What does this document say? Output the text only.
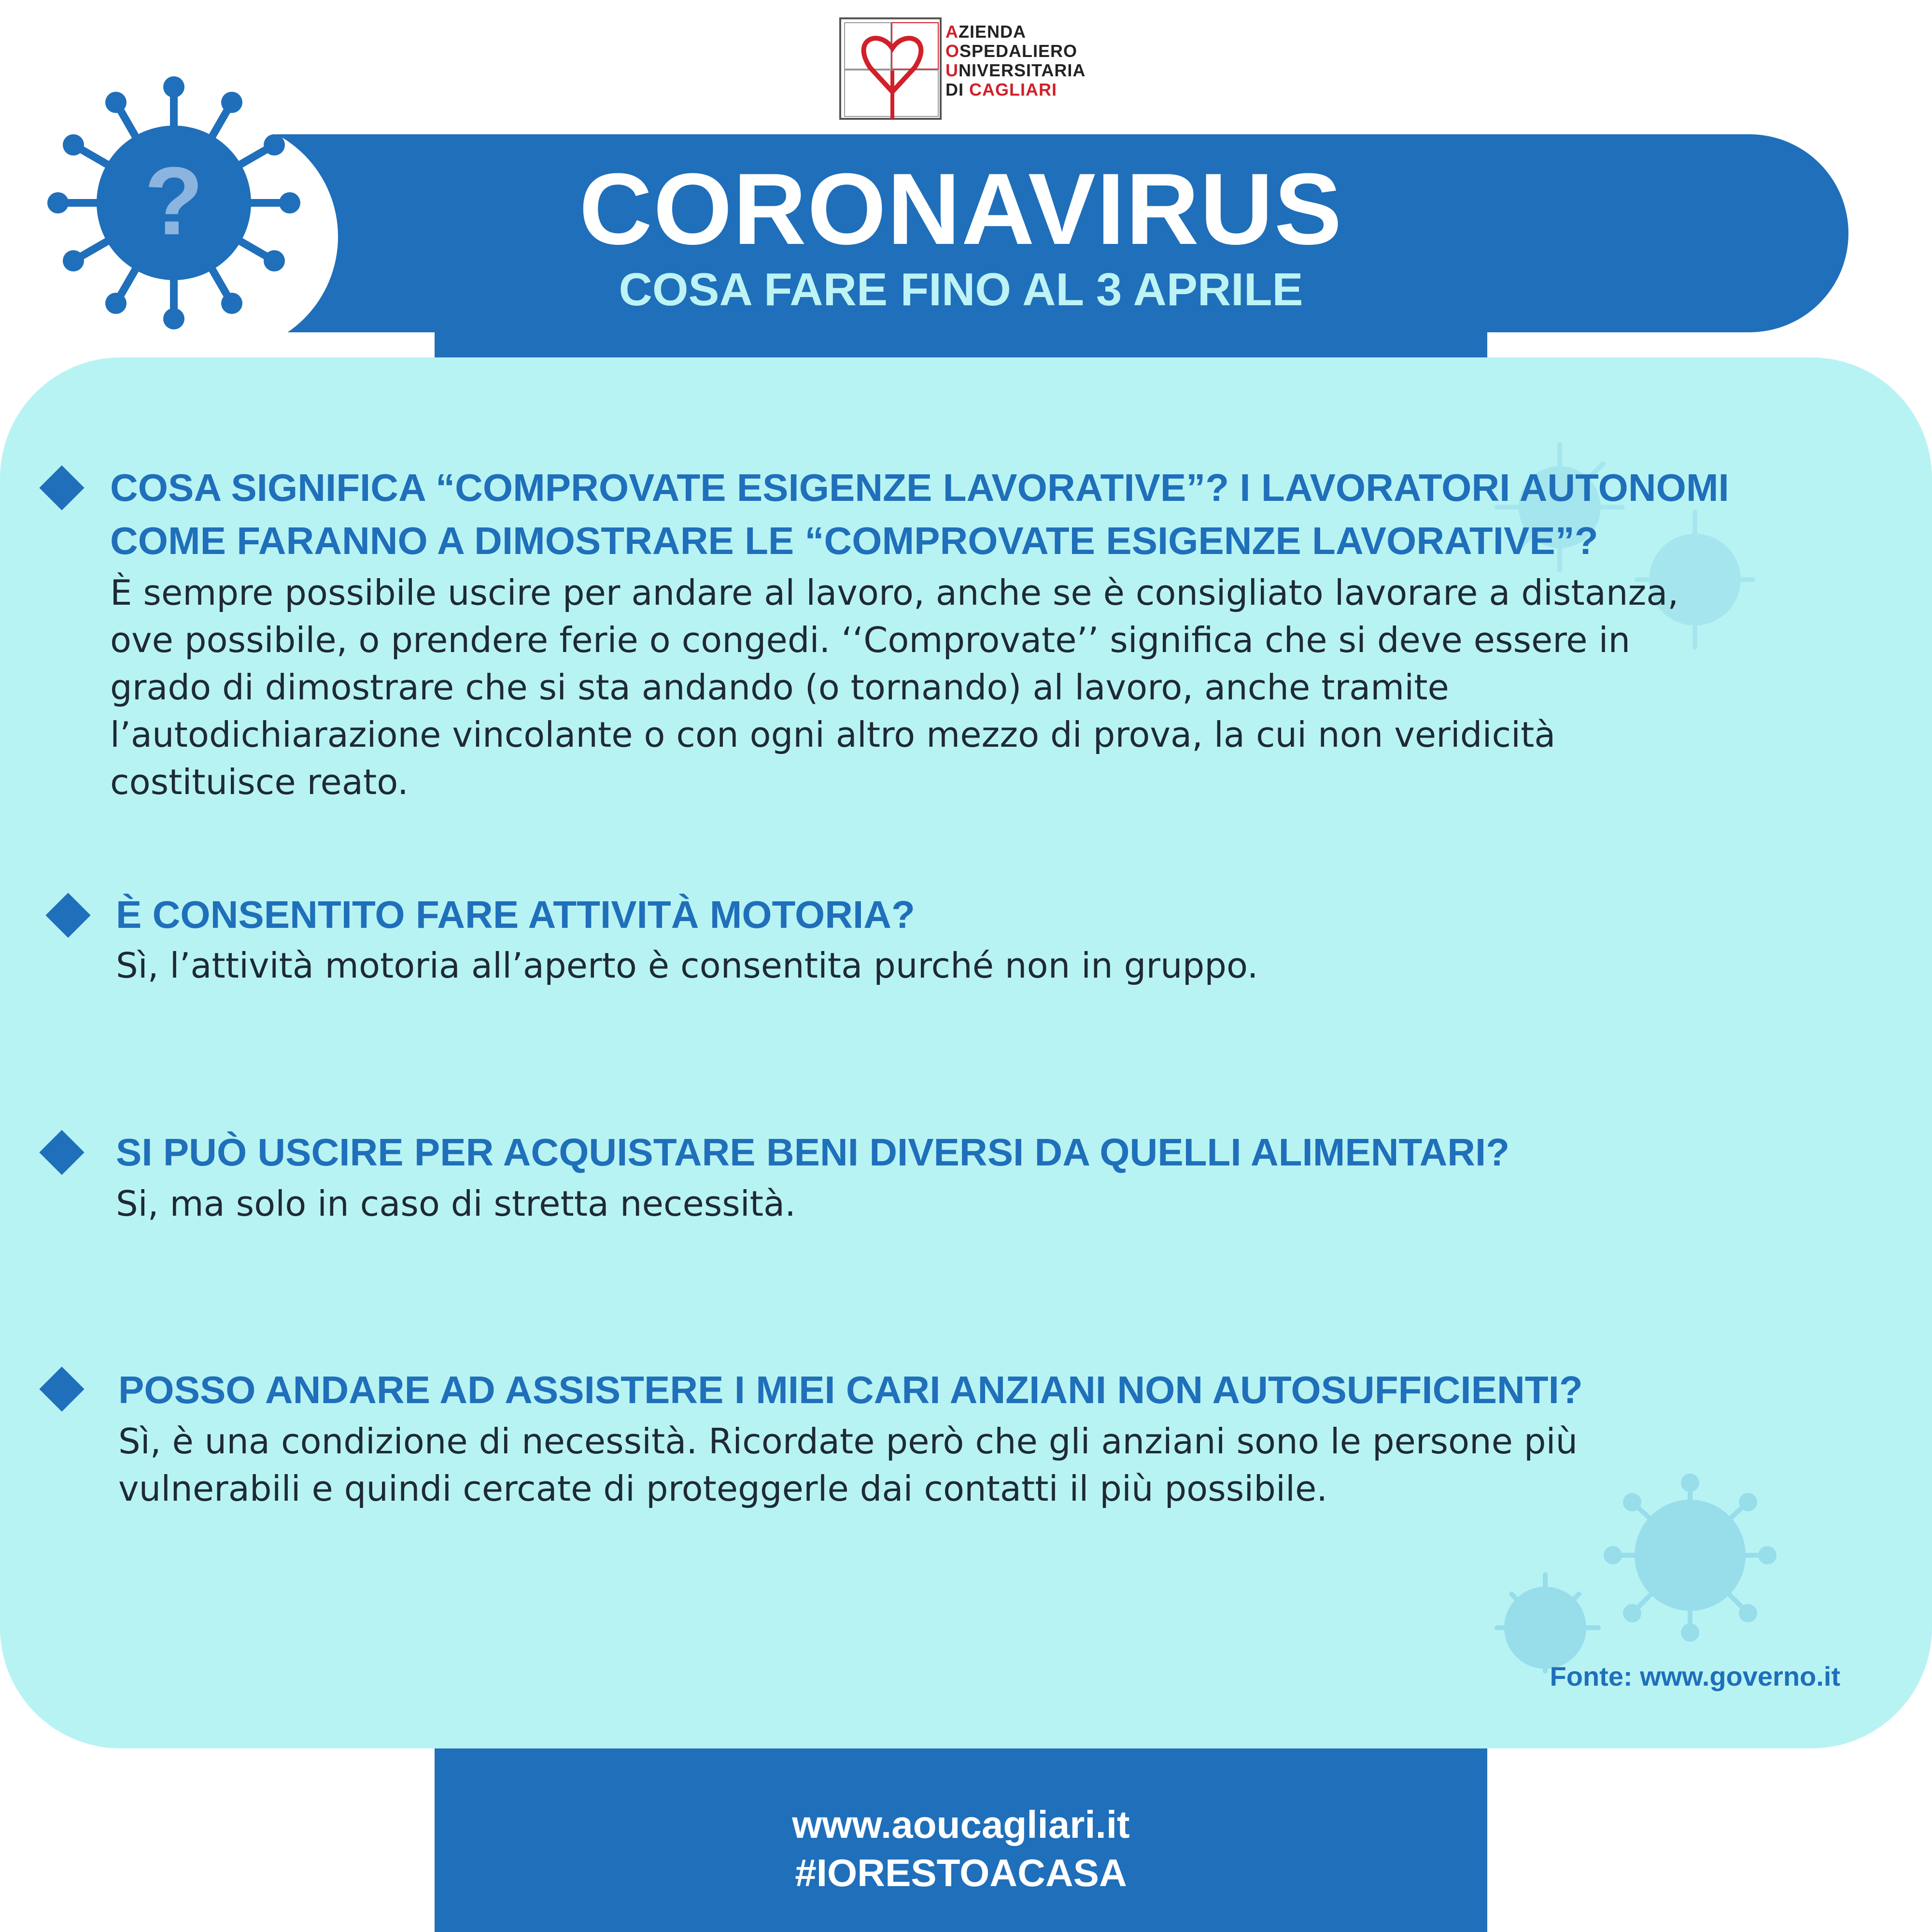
AZIENDA
OSPEDALIERO
UNIVERSITARIA
DI CAGLIARI
?	CORONAVIRUS
COSA FARE FINO AL 3 APRILE

COSA SIGNIFICA “COMPROVATE ESIGENZE LAVORATIVE”? I LAVORATORI AUTONOMI

COME FARANNO A DIMOSTRARE LE “COMPROVATE ESIGENZE LAVORATIVE”?

È sempre possibile uscire per andare al lavoro, anche se è consigliato lavorare a distanza,

ove possibile, o prendere ferie o congedi. ‘‘Comprovate’’ significa che si deve essere in

grado di dimostrare che si sta andando (o tornando) al lavoro, anche tramite

l’autodichiarazione vincolante o con ogni altro mezzo di prova, la cui non veridicità

costituisce reato.

È CONSENTITO FARE ATTIVITÀ MOTORIA?

Sì, l’attività motoria all’aperto è consentita purché non in gruppo.

SI PUÒ USCIRE PER ACQUISTARE BENI DIVERSI DA QUELLI ALIMENTARI?

Si, ma solo in caso di stretta necessità.

POSSO ANDARE AD ASSISTERE I MIEI CARI ANZIANI NON AUTOSUFFICIENTI?

Sì, è una condizione di necessità. Ricordate però che gli anziani sono le persone più

vulnerabili e quindi cercate di proteggerle dai contatti il più possibile.

Fonte: www.governo.it
www.aoucagliari.it
#IORESTOACASA
